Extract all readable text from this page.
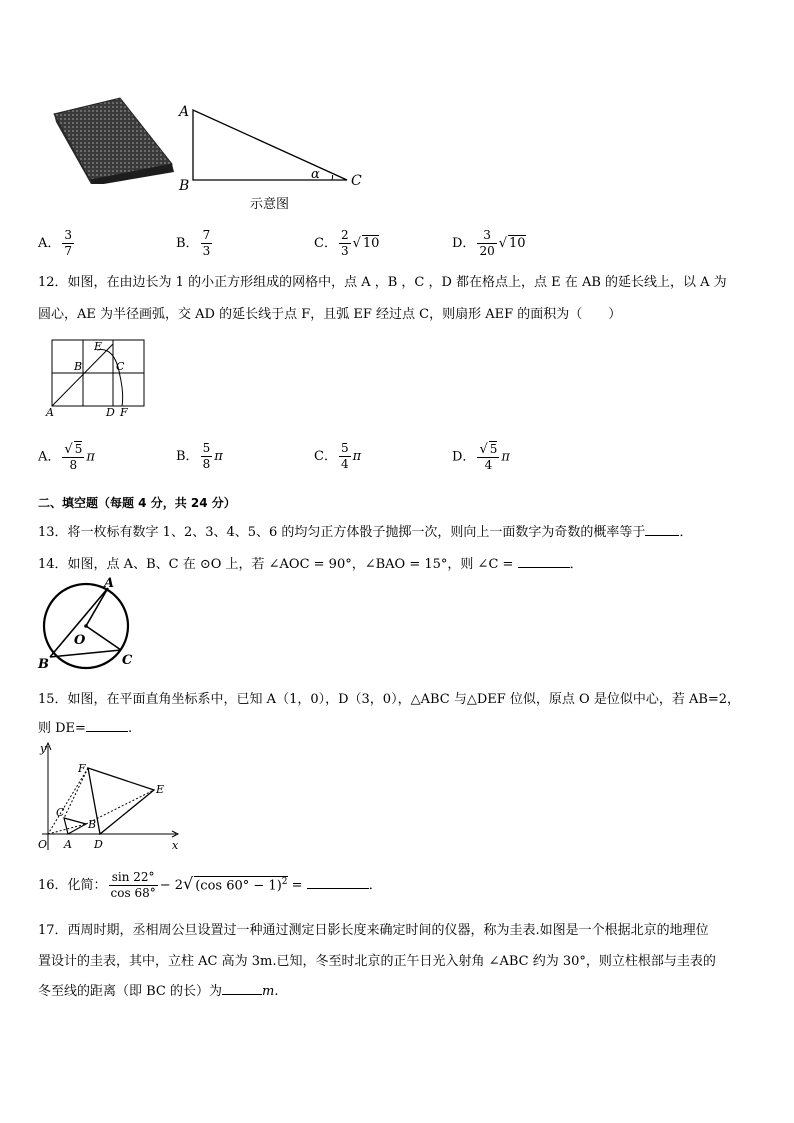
A
B	C
α
示意图
A． $\frac{3}{7}$	B． $\frac{7}{3}$	C． $\frac{2}{3}$ √ 10	D． $\frac{3}{20}$ √ 10
12．如图，在由边长为 1 的小正方形组成的网格中，点 A ，B ，C ，D 都在格点上，点 E 在 AB 的延长线上，以 A 为
圆心，AE 为半径画弧，交 AD 的延长线于点 F，且弧 EF 经过点 C，则扇形 AEF 的面积为（　　）
A
B	C
D
E
F
A． $\frac{√ 5}{8}$ π	B． $\frac{5}{8}$ π	C． $\frac{5}{4}$ π	D． $\frac{√ 5}{4}$ π
二、填空题（每题 4 分，共 24 分）
13．将一枚标有数字 1、2、3、4、5、6 的均匀正方体骰子抛掷一次，则向上一面数字为奇数的概率等于	．
14．如图，点 A、B、C 在 ⊙O 上，若 ∠AOC = 90°，∠BAO = 15°，则 ∠C =	．
A
B	C
O
15．如图，在平面直角坐标系中，已知 A（1，0），D（3，0），△ABC 与△DEF 位似，原点 O 是位似中心，若 AB=2，
则 DE=	.
y
x
O A
B
C
D
E
F
16．化简： $\frac{\sin 22^\circ}{\cos 68^\circ} - 2√$ (cos 60° − 1)$^2$ =	．
17．西周时期，丞相周公旦设置过一种通过测定日影长度来确定时间的仪器，称为圭表.如图是一个根据北京的地理位
置设计的圭表，其中，立柱 AC 高为 3m.已知，冬至时北京的正午日光入射角 ∠ABC 约为 30°，则立柱根部与圭表的
冬至线的距离（即 BC 的长）为	m.
